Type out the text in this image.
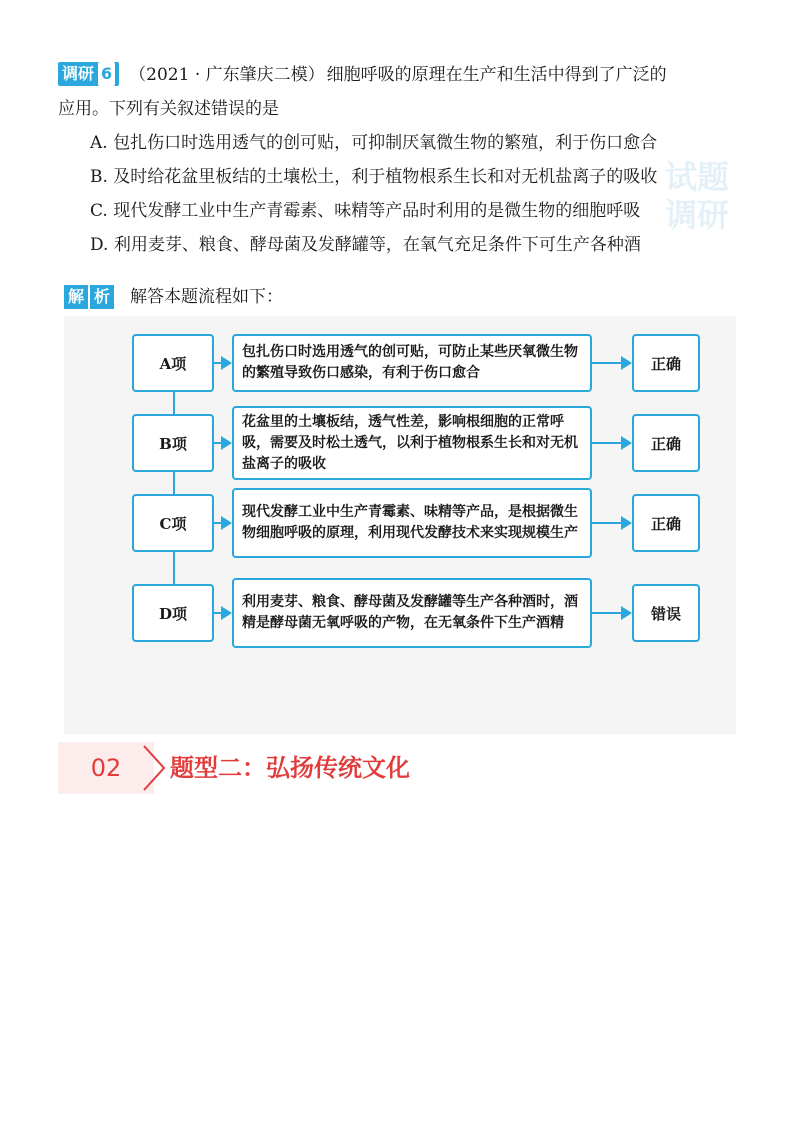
调研 6 （2021 · 广东肇庆二模） 细胞呼吸的原理在生产和生活中得到了广泛的
应用。下列有关叙述错误的是
A. 包扎伤口时选用透气的创可贴，可抑制厌氧微生物的繁殖，利于伤口愈合
B. 及时给花盆里板结的土壤松土，利于植物根系生长和对无机盐离子的吸收
C. 现代发酵工业中生产青霉素、味精等产品时利用的是微生物的细胞呼吸
D. 利用麦芽、粮食、酵母菌及发酵罐等，在氧气充足条件下可生产各种酒
试题调研
解 析 解答本题流程如下：
A项
包扎伤口时选用透气的创可贴，可防止某些厌氧微生物的繁殖导致伤口感染，有利于伤口愈合
正确
B项
花盆里的土壤板结，透气性差，影响根细胞的正常呼吸，需要及时松土透气，以利于植物根系生长和对无机盐离子的吸收
正确
C项
现代发酵工业中生产青霉素、味精等产品，是根据微生物细胞呼吸的原理，利用现代发酵技术来实现规模生产
正确
D项
利用麦芽、粮食、酵母菌及发酵罐等生产各种酒时，酒精是酵母菌无氧呼吸的产物，在无氧条件下生产酒精
错误
02	题型二：弘扬传统文化
